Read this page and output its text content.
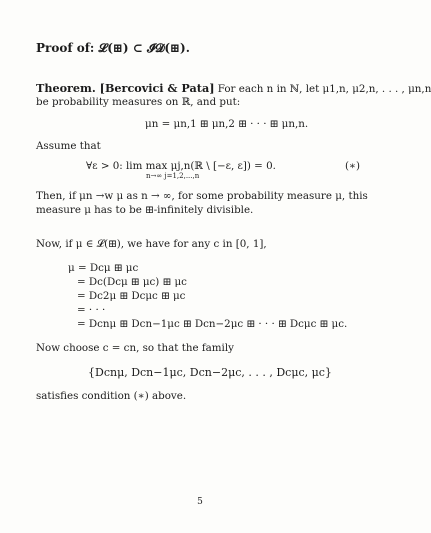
Proof of: 𝓛(⊞) ⊂ 𝓘𝓓(⊞).
Theorem. [Bercovici & Pata] For each n in ℕ, let μ1,n, μ2,n, . . . , μn,n
be probability measures on ℝ, and put:
μn = μn,1 ⊞ μn,2 ⊞ · · · ⊞ μn,n.
Assume that
∀ε > 0: lim max μj,n(ℝ \ [−ε, ε]) = 0.
n→∞ j=1,2,...,n
(∗)
Then, if μn →w μ as n → ∞, for some probability measure μ, this
measure μ has to be ⊞-infinitely divisible.
Now, if μ ∈ 𝓛(⊞), we have for any c in [0, 1],
μ = Dcμ ⊞ μc
= Dc(Dcμ ⊞ μc) ⊞ μc
= Dc2μ ⊞ Dcμc ⊞ μc
= · · ·
= Dcnμ ⊞ Dcn−1μc ⊞ Dcn−2μc ⊞ · · · ⊞ Dcμc ⊞ μc.
Now choose c = cn, so that the family
{Dcnμ, Dcn−1μc, Dcn−2μc, . . . , Dcμc, μc}
satisfies condition (∗) above.
5
